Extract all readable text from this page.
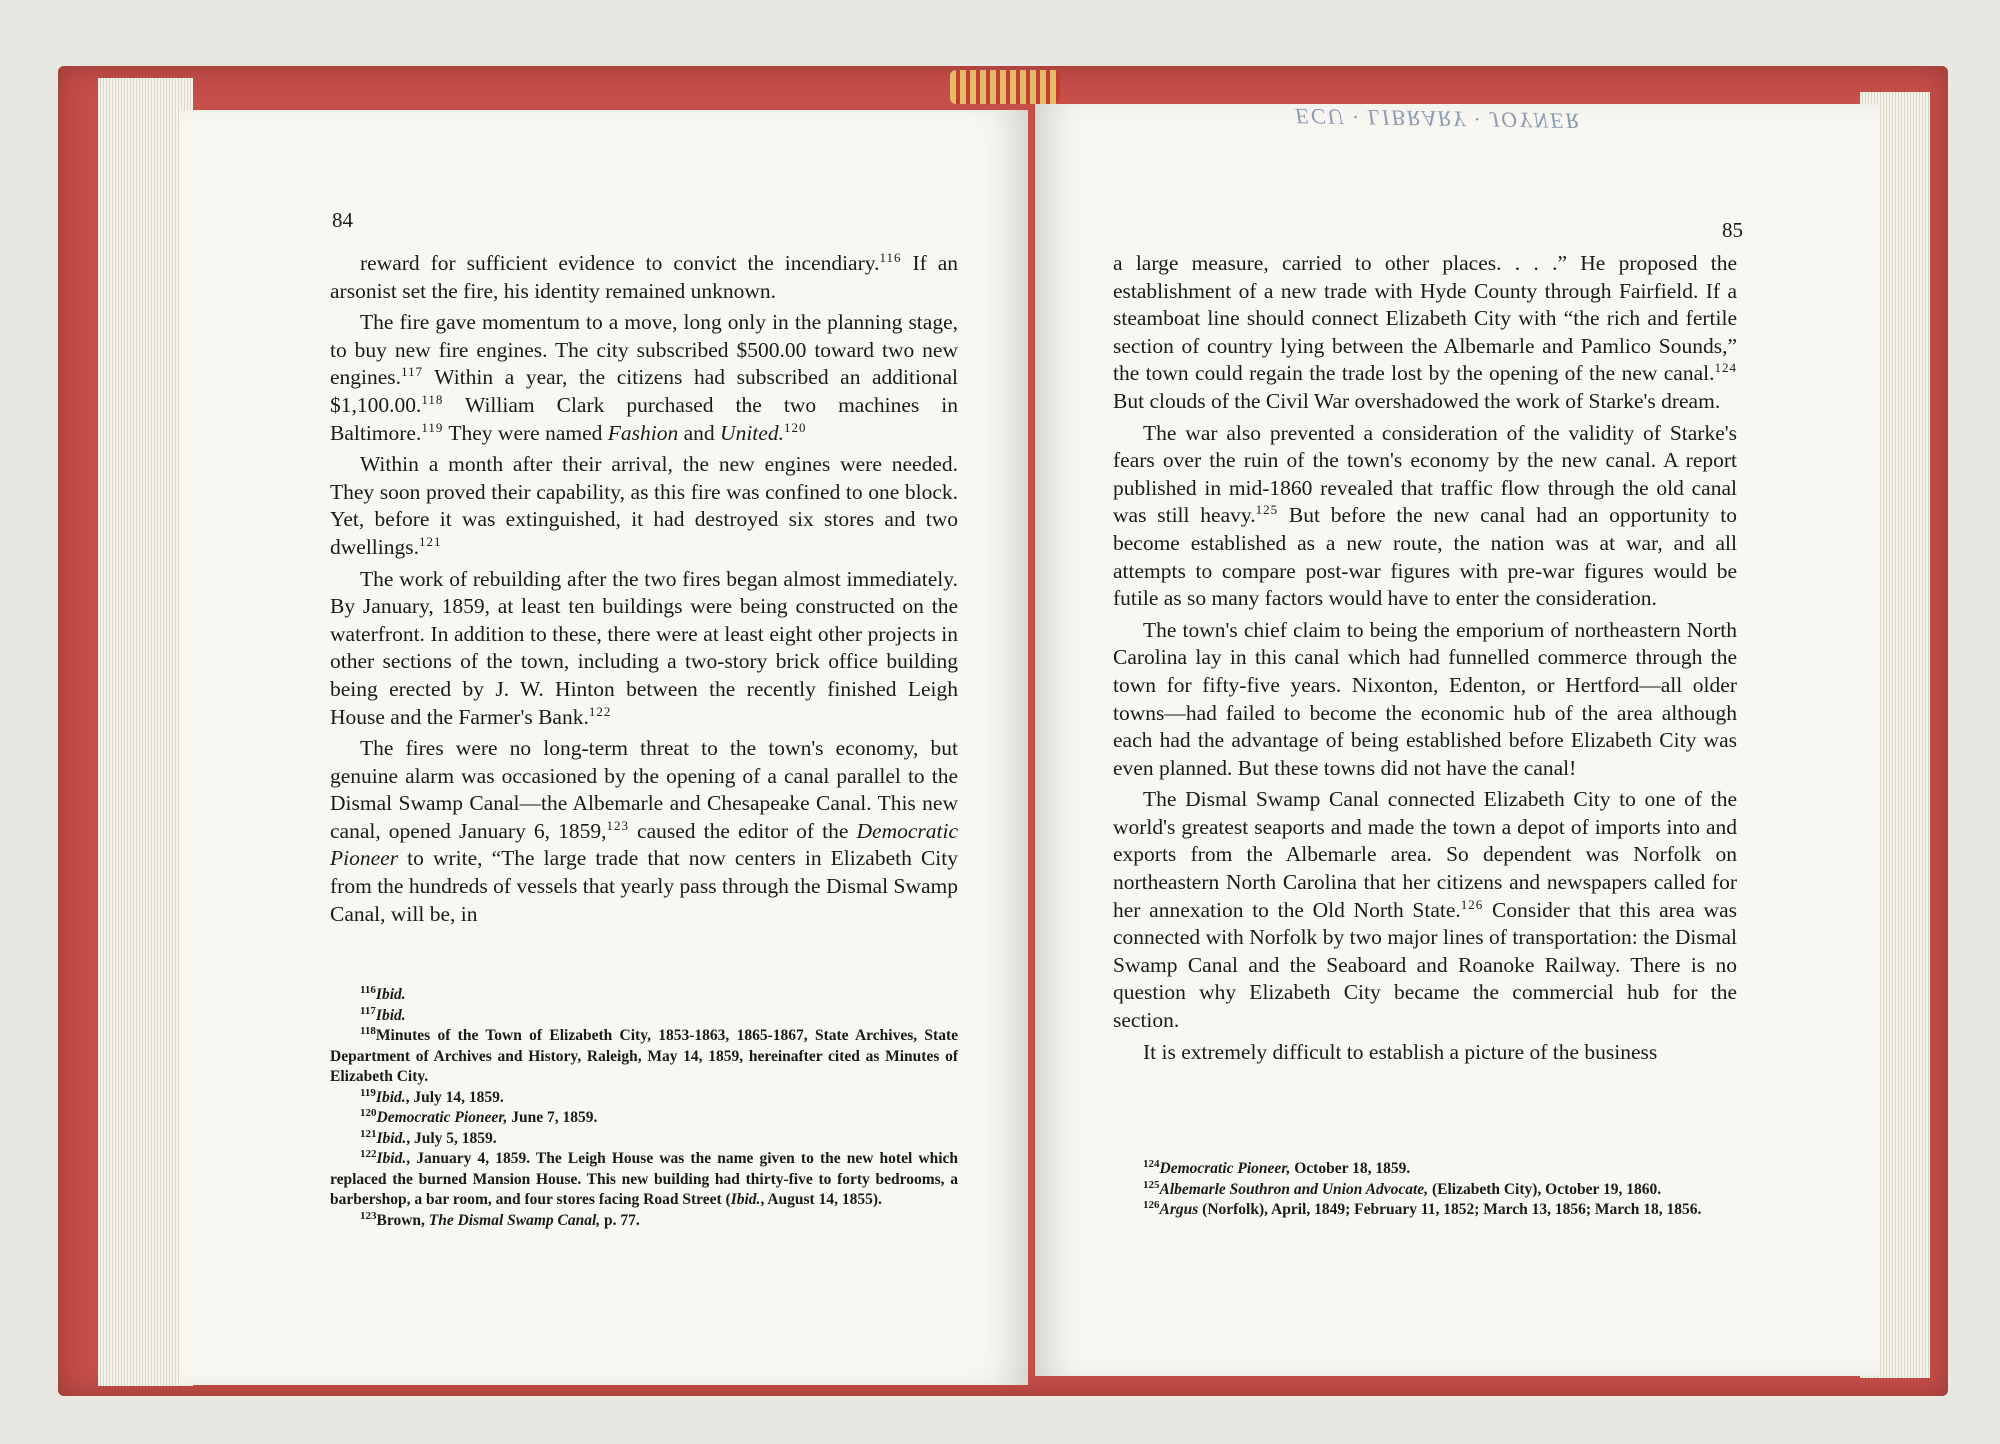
84

reward for sufficient evidence to convict the incendiary.$^{116}$ If an arsonist set the fire, his identity remained unknown.

The fire gave momentum to a move, long only in the planning stage, to buy new fire engines. The city subscribed $500.00 toward two new engines.$^{117}$ Within a year, the citizens had subscribed an additional $1,100.00.$^{118}$ William Clark purchased the two machines in Baltimore.$^{119}$ They were named Fashion and United.$^{120}$

Within a month after their arrival, the new engines were needed. They soon proved their capability, as this fire was confined to one block. Yet, before it was extinguished, it had destroyed six stores and two dwellings.$^{121}$

The work of rebuilding after the two fires began almost immediately. By January, 1859, at least ten buildings were being constructed on the waterfront. In addition to these, there were at least eight other projects in other sections of the town, including a two-story brick office building being erected by J. W. Hinton between the recently finished Leigh House and the Farmer's Bank.$^{122}$

The fires were no long-term threat to the town's economy, but genuine alarm was occasioned by the opening of a canal parallel to the Dismal Swamp Canal—the Albemarle and Chesapeake Canal. This new canal, opened January 6, 1859,$^{123}$ caused the editor of the Democratic Pioneer to write, “The large trade that now centers in Elizabeth City from the hundreds of vessels that yearly pass through the Dismal Swamp Canal, will be, in

$^{116}$Ibid.

$^{117}$Ibid.

$^{118}$Minutes of the Town of Elizabeth City, 1853-1863, 1865-1867, State Archives, State Department of Archives and History, Raleigh, May 14, 1859, hereinafter cited as Minutes of Elizabeth City.

$^{119}$Ibid., July 14, 1859.

$^{120}$Democratic Pioneer, June 7, 1859.

$^{121}$Ibid., July 5, 1859.

$^{122}$Ibid., January 4, 1859. The Leigh House was the name given to the new hotel which replaced the burned Mansion House. This new building had thirty-five to forty bedrooms, a barbershop, a bar room, and four stores facing Road Street (Ibid., August 14, 1855).

$^{123}$Brown, The Dismal Swamp Canal, p. 77.

ECU · LIBRARY · JOYNER
85

a large measure, carried to other places. . . .” He proposed the establishment of a new trade with Hyde County through Fairfield. If a steamboat line should connect Elizabeth City with “the rich and fertile section of country lying between the Albemarle and Pamlico Sounds,” the town could regain the trade lost by the opening of the new canal.$^{124}$ But clouds of the Civil War overshadowed the work of Starke's dream.

The war also prevented a consideration of the validity of Starke's fears over the ruin of the town's economy by the new canal. A report published in mid-1860 revealed that traffic flow through the old canal was still heavy.$^{125}$ But before the new canal had an opportunity to become established as a new route, the nation was at war, and all attempts to compare post-war figures with pre-war figures would be futile as so many factors would have to enter the consideration.

The town's chief claim to being the emporium of northeastern North Carolina lay in this canal which had funnelled commerce through the town for fifty-five years. Nixonton, Edenton, or Hertford—all older towns—had failed to become the economic hub of the area although each had the advantage of being established before Elizabeth City was even planned. But these towns did not have the canal!

The Dismal Swamp Canal connected Elizabeth City to one of the world's greatest seaports and made the town a depot of imports into and exports from the Albemarle area. So dependent was Norfolk on northeastern North Carolina that her citizens and newspapers called for her annexation to the Old North State.$^{126}$ Consider that this area was connected with Norfolk by two major lines of transportation: the Dismal Swamp Canal and the Seaboard and Roanoke Railway. There is no question why Elizabeth City became the commercial hub for the section.

It is extremely difficult to establish a picture of the business

$^{124}$Democratic Pioneer, October 18, 1859.

$^{125}$Albemarle Southron and Union Advocate, (Elizabeth City), October 19, 1860.

$^{126}$Argus (Norfolk), April, 1849; February 11, 1852; March 13, 1856; March 18, 1856.
